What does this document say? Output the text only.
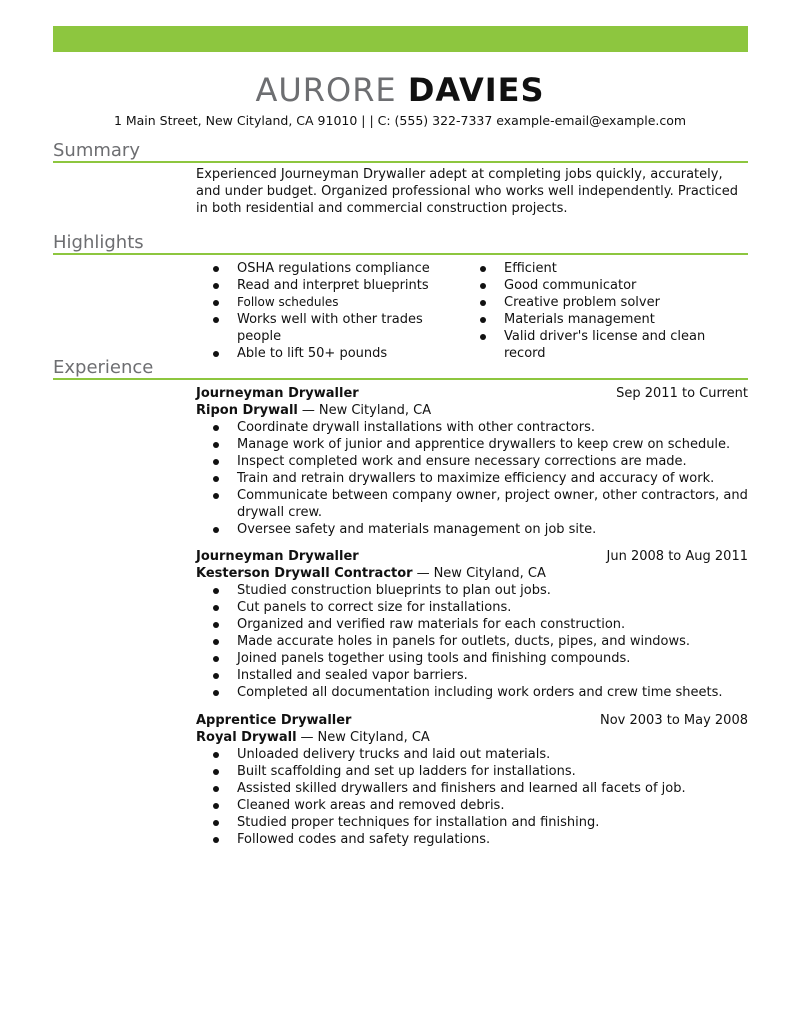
AURORE DAVIES
1 Main Street, New Cityland, CA 91010 | | C: (555) 322-7337 example-email@example.com
Summary

Experienced Journeyman Drywaller adept at completing jobs quickly, accurately, and under budget. Organized professional who works well independently. Practiced in both residential and commercial construction projects.

Highlights
OSHA regulations compliance
Read and interpret blueprints
Follow schedules
Works well with other trades people
Able to lift 50+ pounds
Efficient
Good communicator
Creative problem solver
Materials management
Valid driver's license and clean record
Experience
Journeyman Drywaller	Sep 2011 to Current
Ripon Drywall — New Cityland, CA
Coordinate drywall installations with other contractors.
Manage work of junior and apprentice drywallers to keep crew on schedule.
Inspect completed work and ensure necessary corrections are made.
Train and retrain drywallers to maximize efficiency and accuracy of work.
Communicate between company owner, project owner, other contractors, and drywall crew.
Oversee safety and materials management on job site.
Journeyman Drywaller	Jun 2008 to Aug 2011
Kesterson Drywall Contractor — New Cityland, CA
Studied construction blueprints to plan out jobs.
Cut panels to correct size for installations.
Organized and verified raw materials for each construction.
Made accurate holes in panels for outlets, ducts, pipes, and windows.
Joined panels together using tools and finishing compounds.
Installed and sealed vapor barriers.
Completed all documentation including work orders and crew time sheets.
Apprentice Drywaller	Nov 2003 to May 2008
Royal Drywall — New Cityland, CA
Unloaded delivery trucks and laid out materials.
Built scaffolding and set up ladders for installations.
Assisted skilled drywallers and finishers and learned all facets of job.
Cleaned work areas and removed debris.
Studied proper techniques for installation and finishing.
Followed codes and safety regulations.
